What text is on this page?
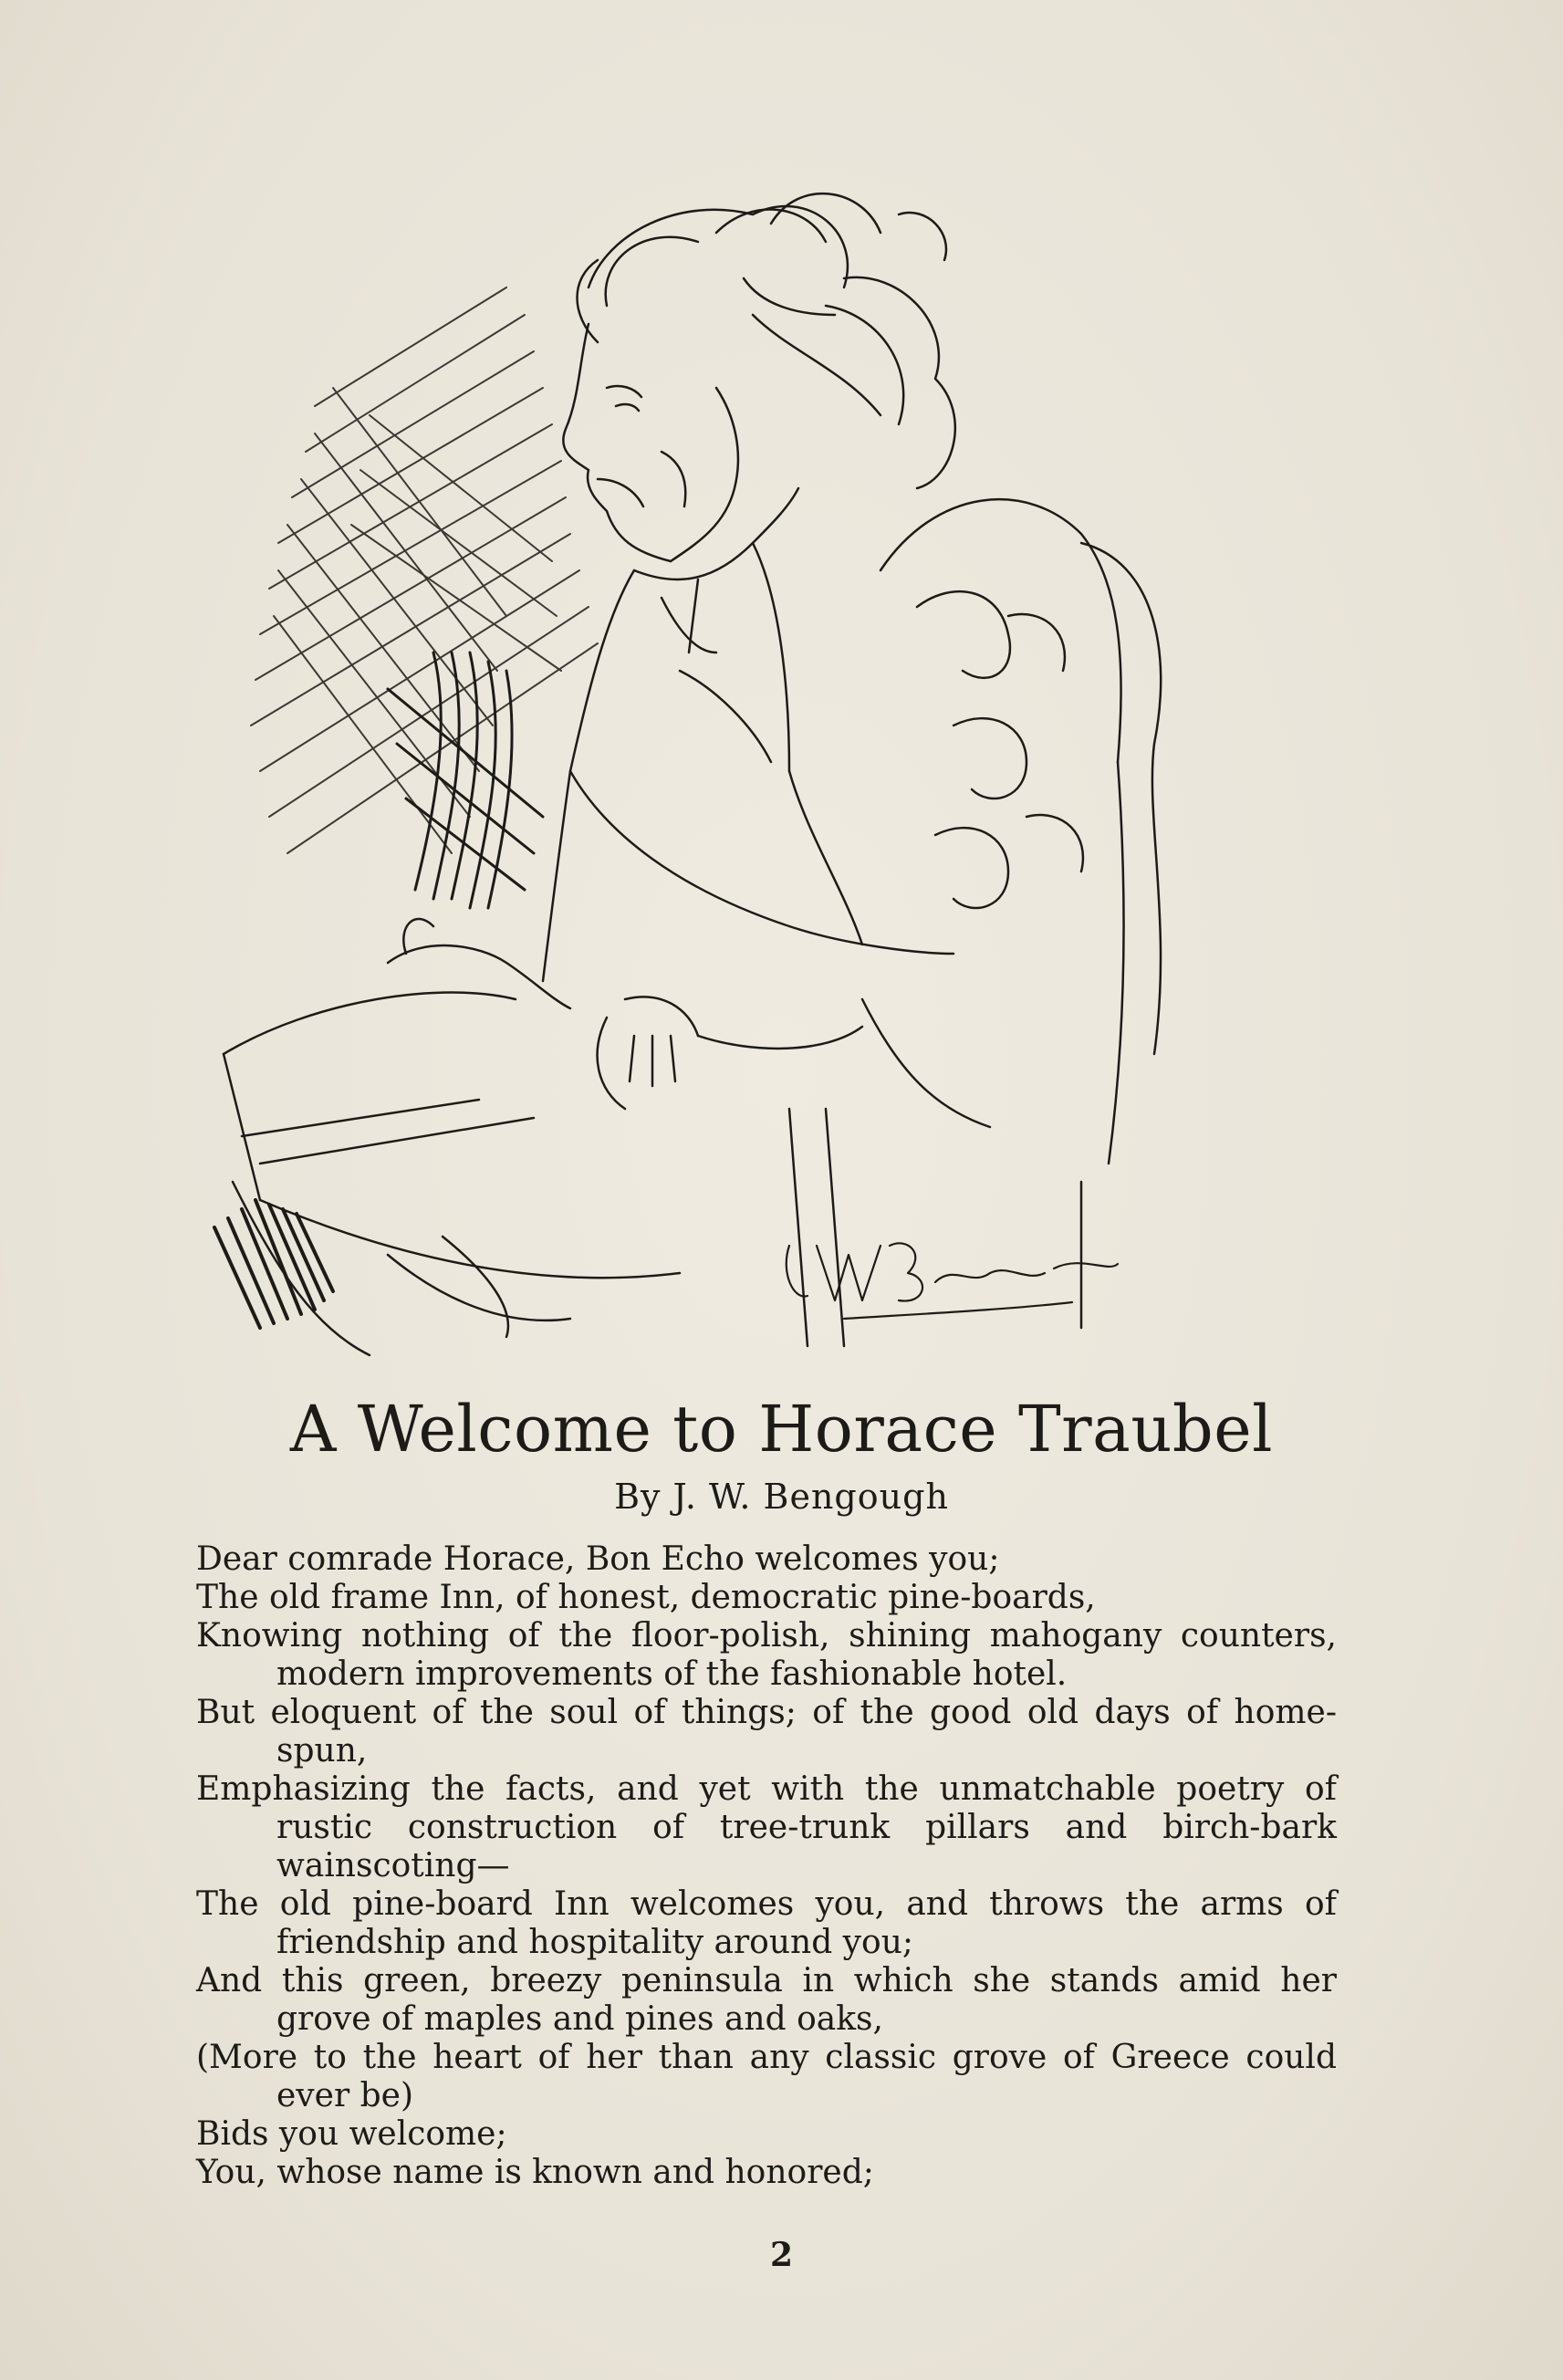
A Welcome to Horace Traubel
By J. W. Bengough
Dear comrade Horace, Bon Echo welcomes you;
The old frame Inn, of honest, democratic pine-boards,
Knowing nothing of the floor-polish, shining mahogany counters, modern improvements of the fashionable hotel.
But eloquent of the soul of things; of the good old days of home-spun,
Emphasizing the facts, and yet with the unmatchable poetry of rustic construction of tree-trunk pillars and birch-bark wainscoting—
The old pine-board Inn welcomes you, and throws the arms of friendship and hospitality around you;
And this green, breezy peninsula in which she stands amid her grove of maples and pines and oaks,
(More to the heart of her than any classic grove of Greece could ever be)
Bids you welcome;
You, whose name is known and honored;
2
